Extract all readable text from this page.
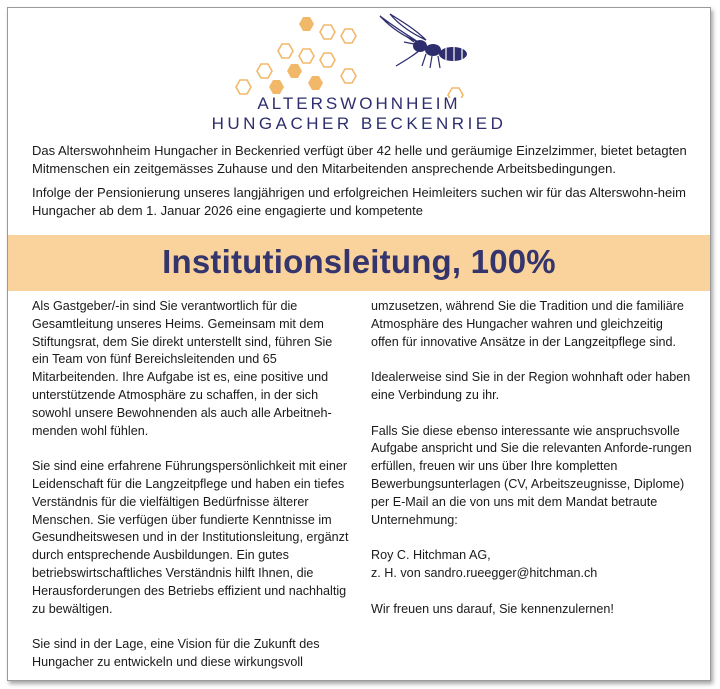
ALTERSWOHNHEIM
HUNGACHER BECKENRIED
Das Alterswohnheim Hungacher in Beckenried verfügt über 42 helle und geräumige Einzelzimmer, bietet betagten Mitmenschen ein zeitgemässes Zuhause und den Mitarbeitenden ansprechende Arbeitsbedingungen.
Infolge der Pensionierung unseres langjährigen und erfolgreichen Heimleiters suchen wir für das Alterswohn-heim Hungacher ab dem 1. Januar 2026 eine engagierte und kompetente
Institutionsleitung, 100%

Als Gastgeber/-in sind Sie verantwortlich für die Gesamtleitung unseres Heims. Gemeinsam mit dem Stiftungsrat, dem Sie direkt unterstellt sind, führen Sie ein Team von fünf Bereichsleitenden und 65 Mitarbeitenden. Ihre Aufgabe ist es, eine positive und unterstützende Atmosphäre zu schaffen, in der sich sowohl unsere Bewohnenden als auch alle Arbeitneh-menden wohl fühlen.

Sie sind eine erfahrene Führungspersönlichkeit mit einer Leidenschaft für die Langzeitpflege und haben ein tiefes Verständnis für die vielfältigen Bedürfnisse älterer Menschen. Sie verfügen über fundierte Kenntnisse im Gesundheitswesen und in der Institutionsleitung, ergänzt durch entsprechende Ausbildungen. Ein gutes betriebswirtschaftliches Verständnis hilft Ihnen, die Herausforderungen des Betriebs effizient und nachhaltig zu bewältigen.

Sie sind in der Lage, eine Vision für die Zukunft des Hungacher zu entwickeln und diese wirkungsvoll

umzusetzen, während Sie die Tradition und die familiäre Atmosphäre des Hungacher wahren und gleichzeitig offen für innovative Ansätze in der Langzeitpflege sind.

Idealerweise sind Sie in der Region wohnhaft oder haben eine Verbindung zu ihr.

Falls Sie diese ebenso interessante wie anspruchsvolle Aufgabe anspricht und Sie die relevanten Anforde-rungen erfüllen, freuen wir uns über Ihre kompletten Bewerbungsunterlagen (CV, Arbeitszeugnisse, Diplome) per E-Mail an die von uns mit dem Mandat betraute Unternehmung:

Roy C. Hitchman AG,
z. H. von sandro.rueegger@hitchman.ch

Wir freuen uns darauf, Sie kennenzulernen!
